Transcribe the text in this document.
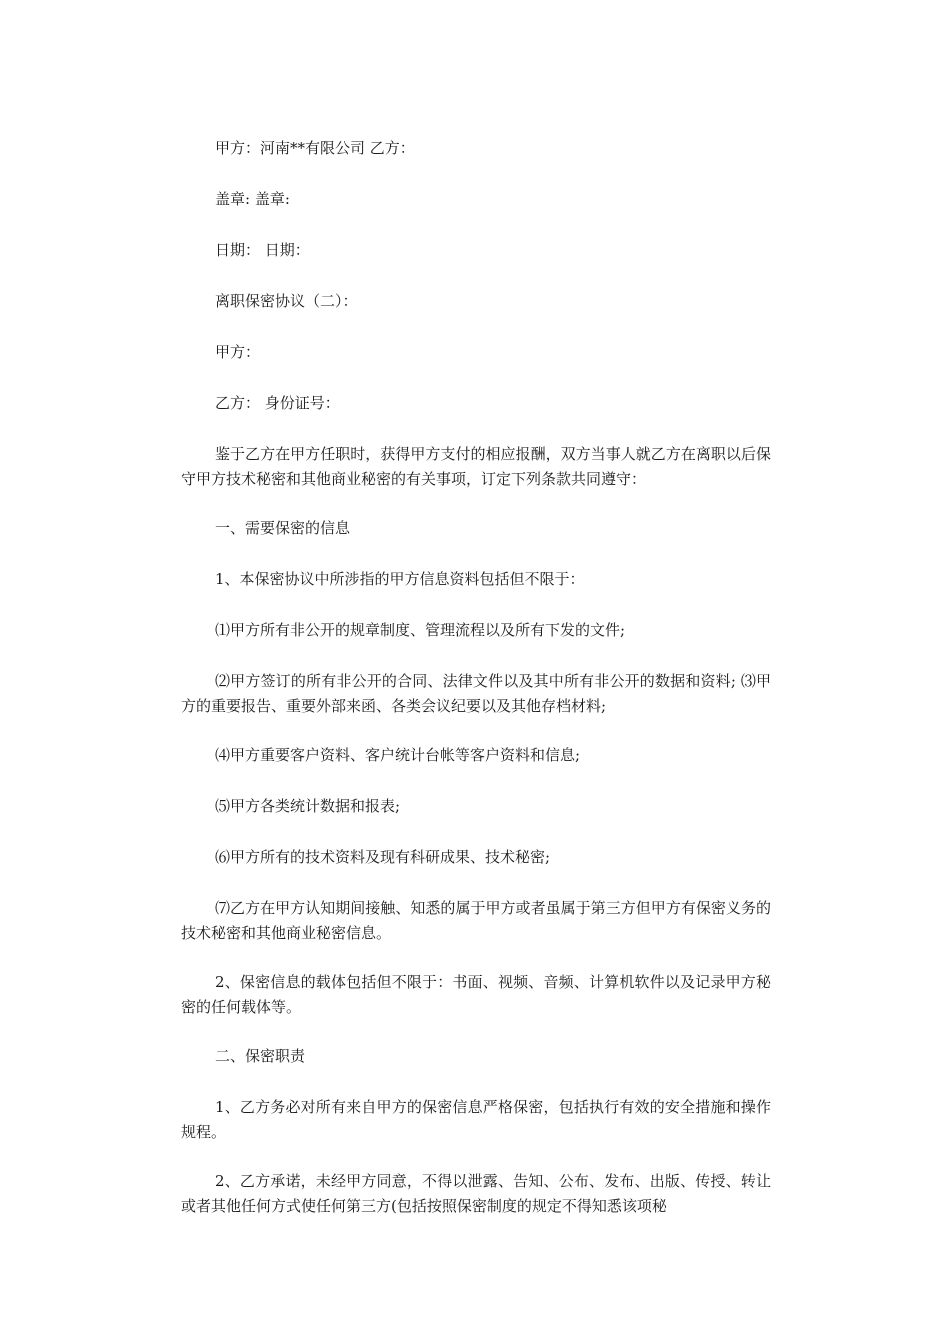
甲方：河南**有限公司 乙方：

盖章: 盖章:

日期： 日期：

离职保密协议（二）：

甲方：

乙方： 身份证号：

鉴于乙方在甲方任职时，获得甲方支付的相应报酬，双方当事人就乙方在离职以后保守甲方技术秘密和其他商业秘密的有关事项，订定下列条款共同遵守：

一、需要保密的信息

1、本保密协议中所涉指的甲方信息资料包括但不限于：

⑴甲方所有非公开的规章制度、管理流程以及所有下发的文件;

⑵甲方签订的所有非公开的合同、法律文件以及其中所有非公开的数据和资料; ⑶甲方的重要报告、重要外部来函、各类会议纪要以及其他存档材料;

⑷甲方重要客户资料、客户统计台帐等客户资料和信息;

⑸甲方各类统计数据和报表;

⑹甲方所有的技术资料及现有科研成果、技术秘密;

⑺乙方在甲方认知期间接触、知悉的属于甲方或者虽属于第三方但甲方有保密义务的技术秘密和其他商业秘密信息。

2、保密信息的载体包括但不限于：书面、视频、音频、计算机软件以及记录甲方秘密的任何载体等。

二、保密职责

1、乙方务必对所有来自甲方的保密信息严格保密，包括执行有效的安全措施和操作规程。

2、乙方承诺，未经甲方同意，不得以泄露、告知、公布、发布、出版、传授、转让或者其他任何方式使任何第三方(包括按照保密制度的规定不得知悉该项秘
